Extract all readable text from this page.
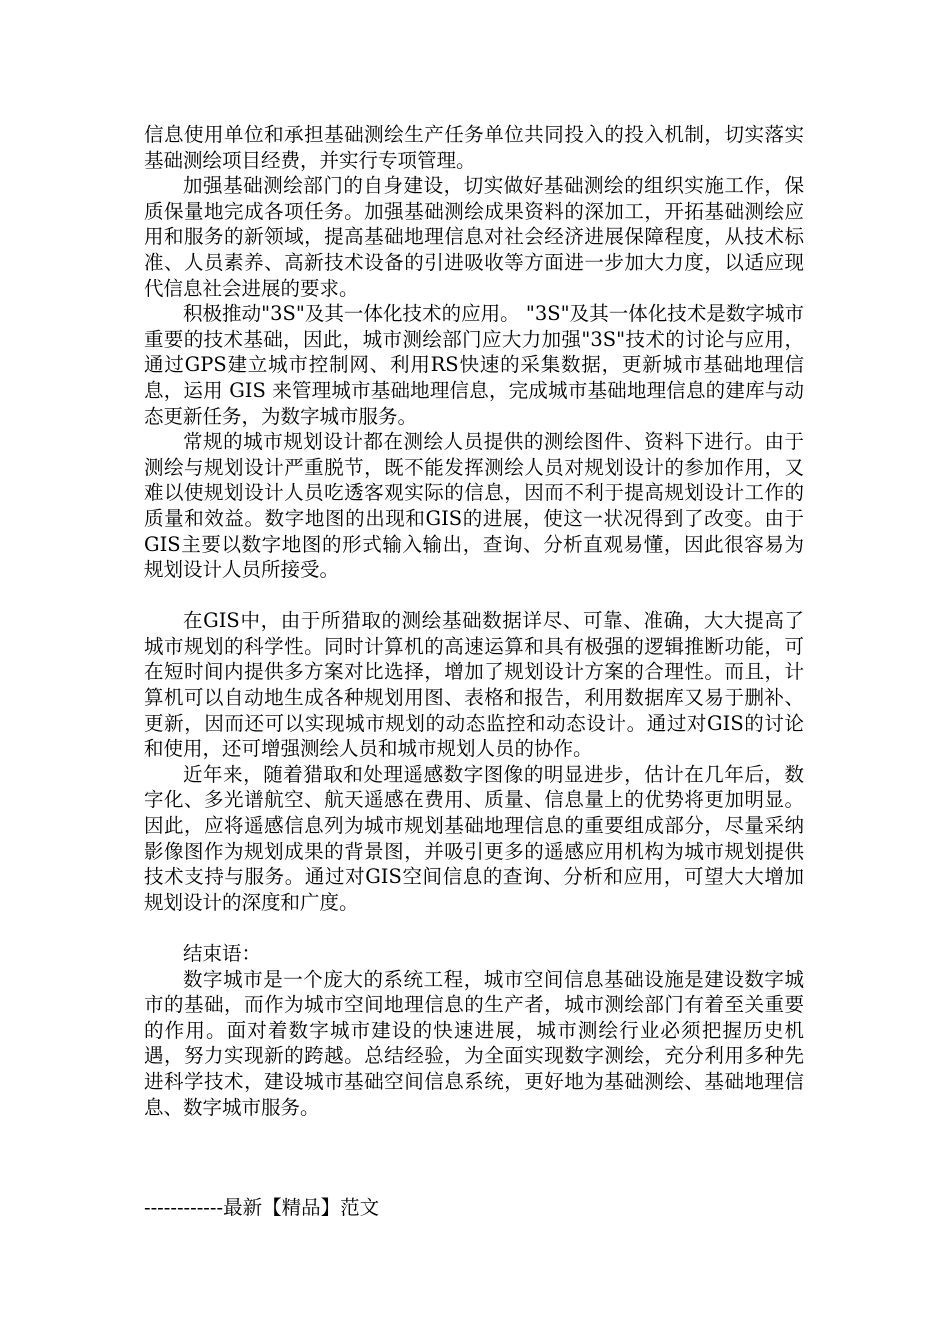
信息使用单位和承担基础测绘生产任务单位共同投入的投入机制，切实落实基础测绘项目经费，并实行专项管理。

加强基础测绘部门的自身建设，切实做好基础测绘的组织实施工作，保质保量地完成各项任务。加强基础测绘成果资料的深加工，开拓基础测绘应用和服务的新领域，提高基础地理信息对社会经济进展保障程度，从技术标准、人员素养、高新技术设备的引进吸收等方面进一步加大力度，以适应现代信息社会进展的要求。

积极推动"3S"及其一体化技术的应用。 "3S"及其一体化技术是数字城市重要的技术基础，因此，城市测绘部门应大力加强"3S"技术的讨论与应用，通过GPS建立城市控制网、利用RS快速的采集数据，更新城市基础地理信息，运用 GIS 来管理城市基础地理信息，完成城市基础地理信息的建库与动态更新任务，为数字城市服务。

常规的城市规划设计都在测绘人员提供的测绘图件、资料下进行。由于测绘与规划设计严重脱节，既不能发挥测绘人员对规划设计的参加作用，又难以使规划设计人员吃透客观实际的信息，因而不利于提高规划设计工作的质量和效益。数字地图的出现和GIS的进展，使这一状况得到了改变。由于GIS主要以数字地图的形式输入输出，查询、分析直观易懂，因此很容易为规划设计人员所接受。

在GIS中，由于所猎取的测绘基础数据详尽、可靠、准确，大大提高了城市规划的科学性。同时计算机的高速运算和具有极强的逻辑推断功能，可在短时间内提供多方案对比选择，增加了规划设计方案的合理性。而且，计算机可以自动地生成各种规划用图、表格和报告，利用数据库又易于删补、更新，因而还可以实现城市规划的动态监控和动态设计。通过对GIS的讨论和使用，还可增强测绘人员和城市规划人员的协作。

近年来，随着猎取和处理遥感数字图像的明显进步，估计在几年后，数字化、多光谱航空、航天遥感在费用、质量、信息量上的优势将更加明显。因此，应将遥感信息列为城市规划基础地理信息的重要组成部分，尽量采纳影像图作为规划成果的背景图，并吸引更多的遥感应用机构为城市规划提供技术支持与服务。通过对GIS空间信息的查询、分析和应用，可望大大增加规划设计的深度和广度。

结束语：

数字城市是一个庞大的系统工程，城市空间信息基础设施是建设数字城市的基础，而作为城市空间地理信息的生产者，城市测绘部门有着至关重要的作用。面对着数字城市建设的快速进展，城市测绘行业必须把握历史机遇，努力实现新的跨越。总结经验，为全面实现数字测绘，充分利用多种先进科学技术，建设城市基础空间信息系统，更好地为基础测绘、基础地理信息、数字城市服务。

------------最新【精品】范文
